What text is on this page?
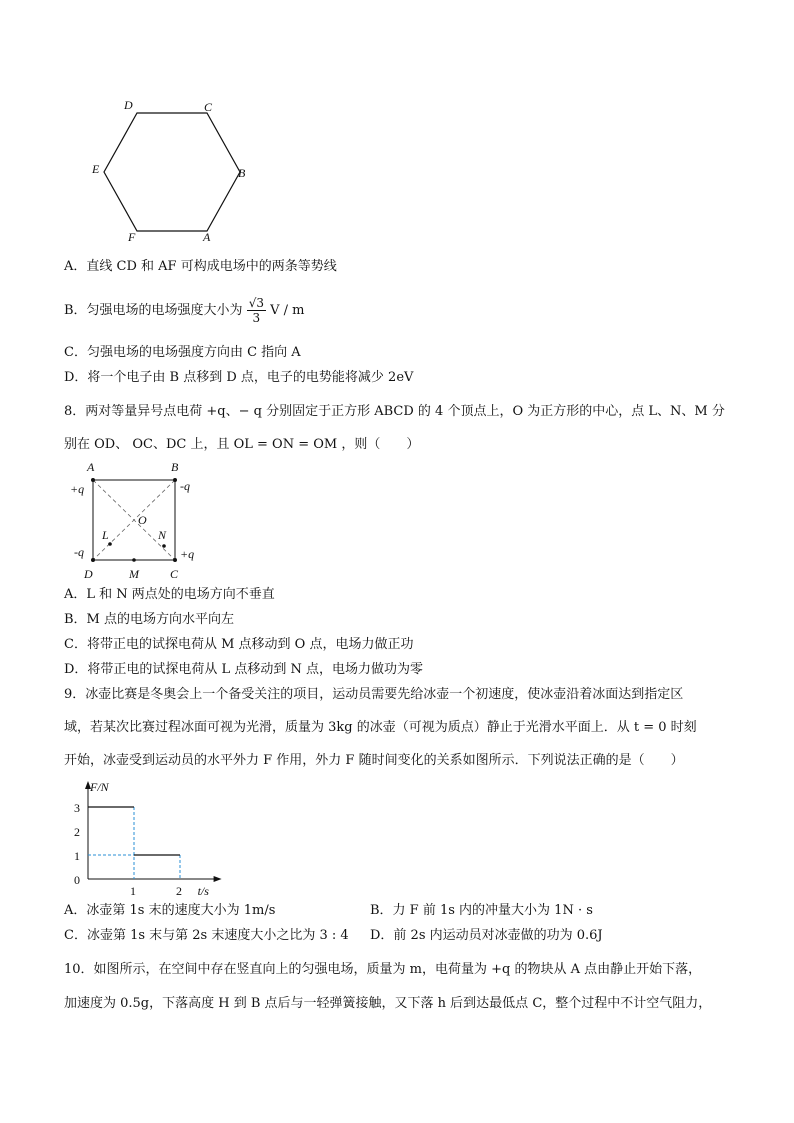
D	C
B
A
F
E
A．直线 CD 和 AF 可构成电场中的两条等势线
B．匀强电场的电场强度大小为 $\frac{√3}{3}$ V / m
C．匀强电场的电场强度方向由 C 指向 A
D．将一个电子由 B 点移到 D 点，电子的电势能将减少 2eV
8．两对等量异号点电荷 +q、− q 分别固定于正方形 ABCD 的 4 个顶点上，O 为正方形的中心，点 L、N、M 分
别在 OD、 OC、DC 上，且 OL = ON = OM ，则（　　）
A	B
C
D
O
L	N
M
+q	-q
+q
-q
A．L 和 N 两点处的电场方向不垂直
B．M 点的电场方向水平向左
C．将带正电的试探电荷从 M 点移动到 O 点，电场力做正功
D．将带正电的试探电荷从 L 点移动到 N 点，电场力做功为零
9．冰壶比赛是冬奥会上一个备受关注的项目，运动员需要先给冰壶一个初速度，使冰壶沿着冰面达到指定区
域，若某次比赛过程冰面可视为光滑，质量为 3kg 的冰壶（可视为质点）静止于光滑水平面上．从 t = 0 时刻
开始，冰壶受到运动员的水平外力 F 作用，外力 F 随时间变化的关系如图所示．下列说法正确的是（　　）
0
1
2
3
1	2
F/N
t/s
A．冰壶第 1s 末的速度大小为 1m/s	B．力 F 前 1s 内的冲量大小为 1N · s
C．冰壶第 1s 末与第 2s 末速度大小之比为 3 : 4 D．前 2s 内运动员对冰壶做的功为 0.6J
10．如图所示，在空间中存在竖直向上的匀强电场，质量为 m，电荷量为 +q 的物块从 A 点由静止开始下落，
加速度为 0.5g，下落高度 H 到 B 点后与一轻弹簧接触，又下落 h 后到达最低点 C，整个过程中不计空气阻力，
